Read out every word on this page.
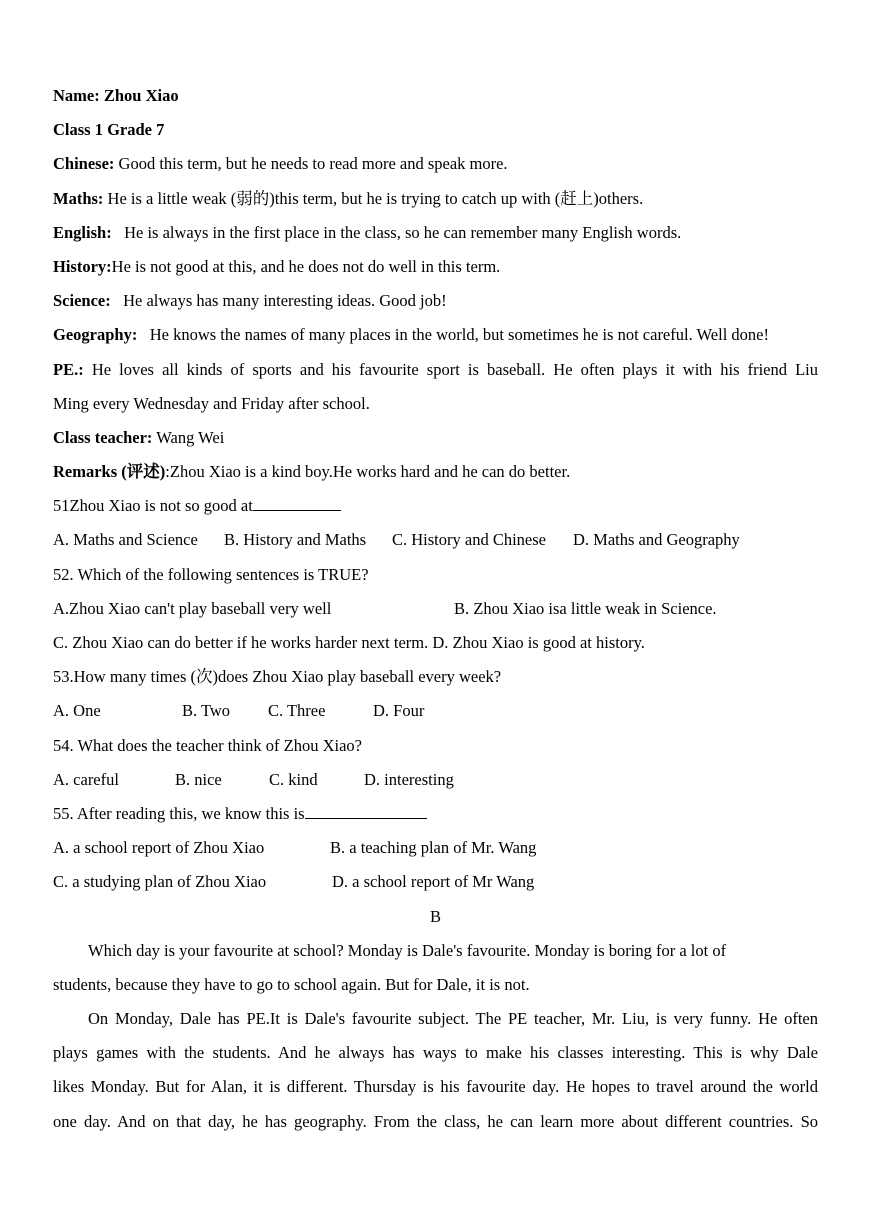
Name: Zhou Xiao
Class 1 Grade 7
Chinese: Good this term, but he needs to read more and speak more.
Maths: He is a little weak (弱的)this term, but he is trying to catch up with (赶上)others.
English:   He is always in the first place in the class, so he can remember many English words.
History:He is not good at this, and he does not do well in this term.
Science:   He always has many interesting ideas. Good job!
Geography:   He knows the names of many places in the world, but sometimes he is not careful. Well done!
PE.: He loves all kinds of sports and his favourite sport is baseball. He often plays it with his friend Liu
Ming every Wednesday and Friday after school.
Class teacher: Wang Wei
Remarks (评述):Zhou Xiao is a kind boy.He works hard and he can do better.
51Zhou Xiao is not so good at
A. Maths and Science B. History and Maths C. History and Chinese D. Maths and Geography
52. Which of the following sentences is TRUE?
A.Zhou Xiao can't play baseball very well	B. Zhou Xiao isa little weak in Science.
C. Zhou Xiao can do better if he works harder next term. D. Zhou Xiao is good at history.
53.How many times (次)does Zhou Xiao play baseball every week?
A. One	B. Two C. Three	D. Four
54. What does the teacher think of Zhou Xiao?
A. careful	B. nice	C. kind	D. interesting
55. After reading this, we know this is
A. a school report of Zhou Xiao	B. a teaching plan of Mr. Wang
C. a studying plan of Zhou Xiao	D. a school report of Mr Wang
B
Which day is your favourite at school? Monday is Dale's favourite. Monday is boring for a lot of
students, because they have to go to school again. But for Dale, it is not.
On Monday, Dale has PE.It is Dale's favourite subject. The PE teacher, Mr. Liu, is very funny. He often
plays games with the students. And he always has ways to make his classes interesting. This is why Dale
likes Monday. But for Alan, it is different. Thursday is his favourite day. He hopes to travel around the world
one day. And on that day, he has geography. From the class, he can learn more about different countries. So
